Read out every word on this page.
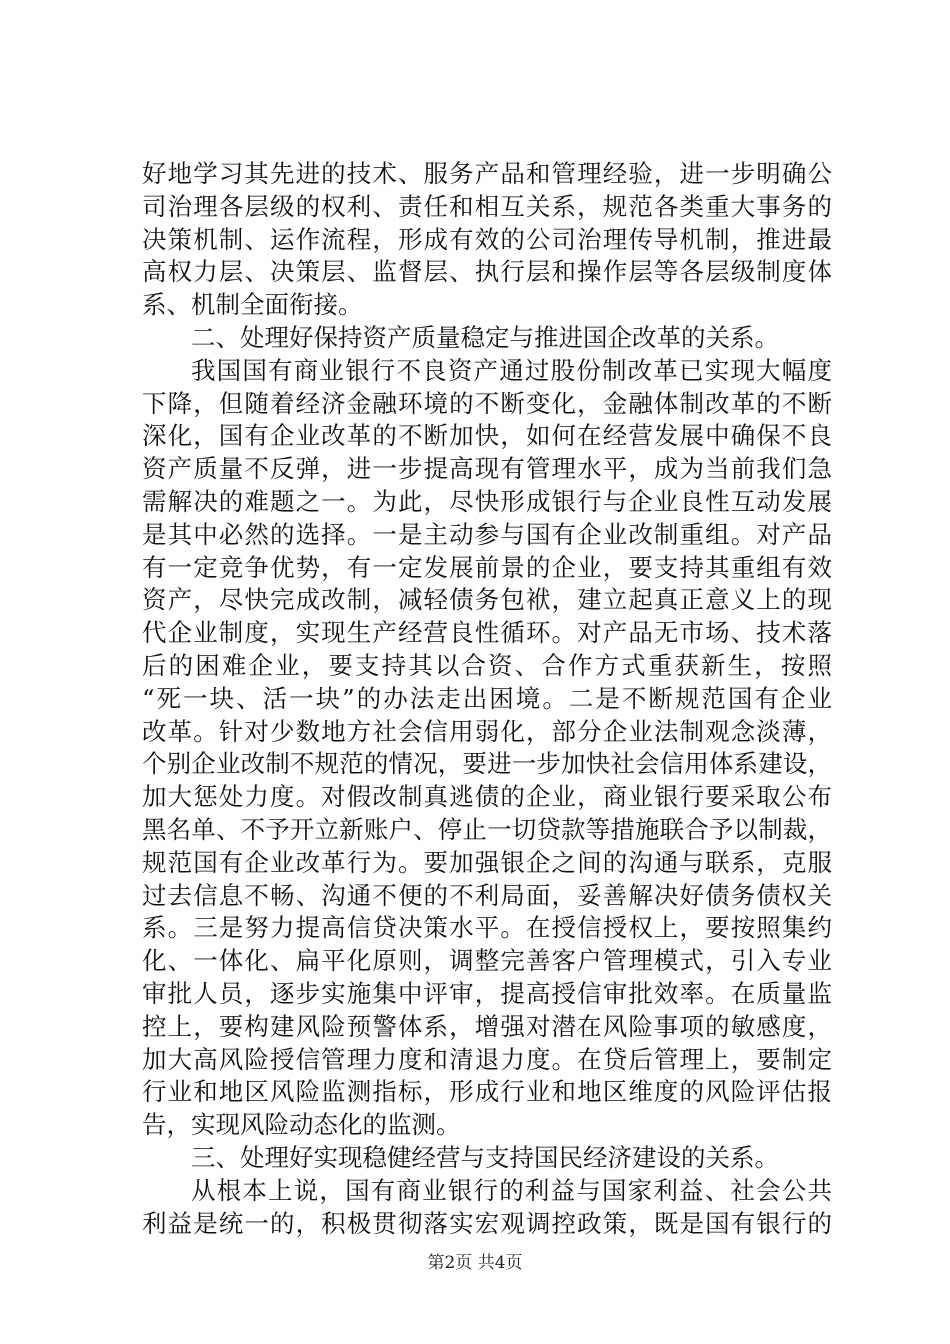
好地学习其先进的技术、服务产品和管理经验，进一步明确公
司治理各层级的权利、责任和相互关系，规范各类重大事务的
决策机制、运作流程，形成有效的公司治理传导机制，推进最
高权力层、决策层、监督层、执行层和操作层等各层级制度体
系、机制全面衔接。
二、处理好保持资产质量稳定与推进国企改革的关系。
我国国有商业银行不良资产通过股份制改革已实现大幅度
下降，但随着经济金融环境的不断变化，金融体制改革的不断
深化，国有企业改革的不断加快，如何在经营发展中确保不良
资产质量不反弹，进一步提高现有管理水平，成为当前我们急
需解决的难题之一。为此，尽快形成银行与企业良性互动发展
是其中必然的选择。一是主动参与国有企业改制重组。对产品
有一定竞争优势，有一定发展前景的企业，要支持其重组有效
资产，尽快完成改制，减轻债务包袱，建立起真正意义上的现
代企业制度，实现生产经营良性循环。对产品无市场、技术落
后的困难企业，要支持其以合资、合作方式重获新生，按照
“死一块、活一块”的办法走出困境。二是不断规范国有企业
改革。针对少数地方社会信用弱化，部分企业法制观念淡薄，
个别企业改制不规范的情况，要进一步加快社会信用体系建设，
加大惩处力度。对假改制真逃债的企业，商业银行要采取公布
黑名单、不予开立新账户、停止一切贷款等措施联合予以制裁，
规范国有企业改革行为。要加强银企之间的沟通与联系，克服
过去信息不畅、沟通不便的不利局面，妥善解决好债务债权关
系。三是努力提高信贷决策水平。在授信授权上，要按照集约
化、一体化、扁平化原则，调整完善客户管理模式，引入专业
审批人员，逐步实施集中评审，提高授信审批效率。在质量监
控上，要构建风险预警体系，增强对潜在风险事项的敏感度，
加大高风险授信管理力度和清退力度。在贷后管理上，要制定
行业和地区风险监测指标，形成行业和地区维度的风险评估报
告，实现风险动态化的监测。
三、处理好实现稳健经营与支持国民经济建设的关系。
从根本上说，国有商业银行的利益与国家利益、社会公共
利益是统一的，积极贯彻落实宏观调控政策，既是国有银行的
第2页 共4页
